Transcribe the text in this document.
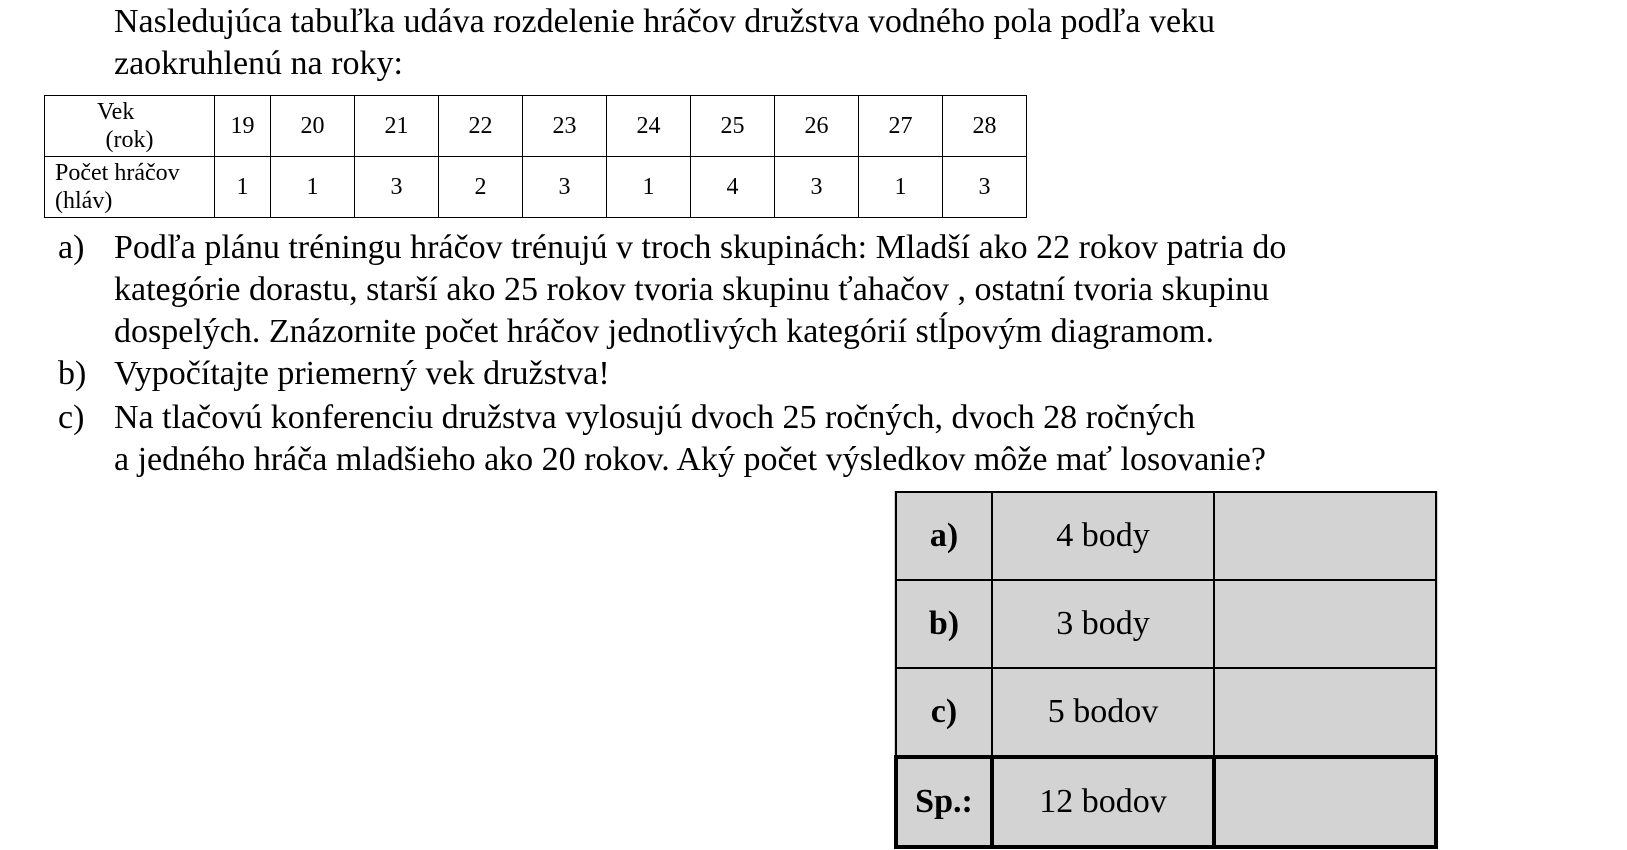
Nasledujúca tabuľka udáva rozdelenie hráčov družstva vodného pola podľa veku

zaokruhlenú na roky:

Vek
(rok)	19	20	21	22	23	24	25	26	27	28

Počet hráčov
(hláv)	1	1	3	2	3	1	4	3	1	3

a) Podľa plánu tréningu hráčov trénujú v troch skupinách: Mladší ako 22 rokov patria do

kategórie dorastu, starší ako 25 rokov tvoria skupinu ťahačov , ostatní tvoria skupinu

dospelých. Znázornite počet hráčov jednotlivých kategórií stĺpovým diagramom.

b) Vypočítajte priemerný vek družstva!

c) Na tlačovú konferenciu družstva vylosujú dvoch 25 ročných, dvoch 28 ročných

a jedného hráča mladšieho ako 20 rokov. Aký počet výsledkov môže mať losovanie?

a)	4 body	
b)	3 body	
c)	5 bodov	
Sp.:	12 bodov	
